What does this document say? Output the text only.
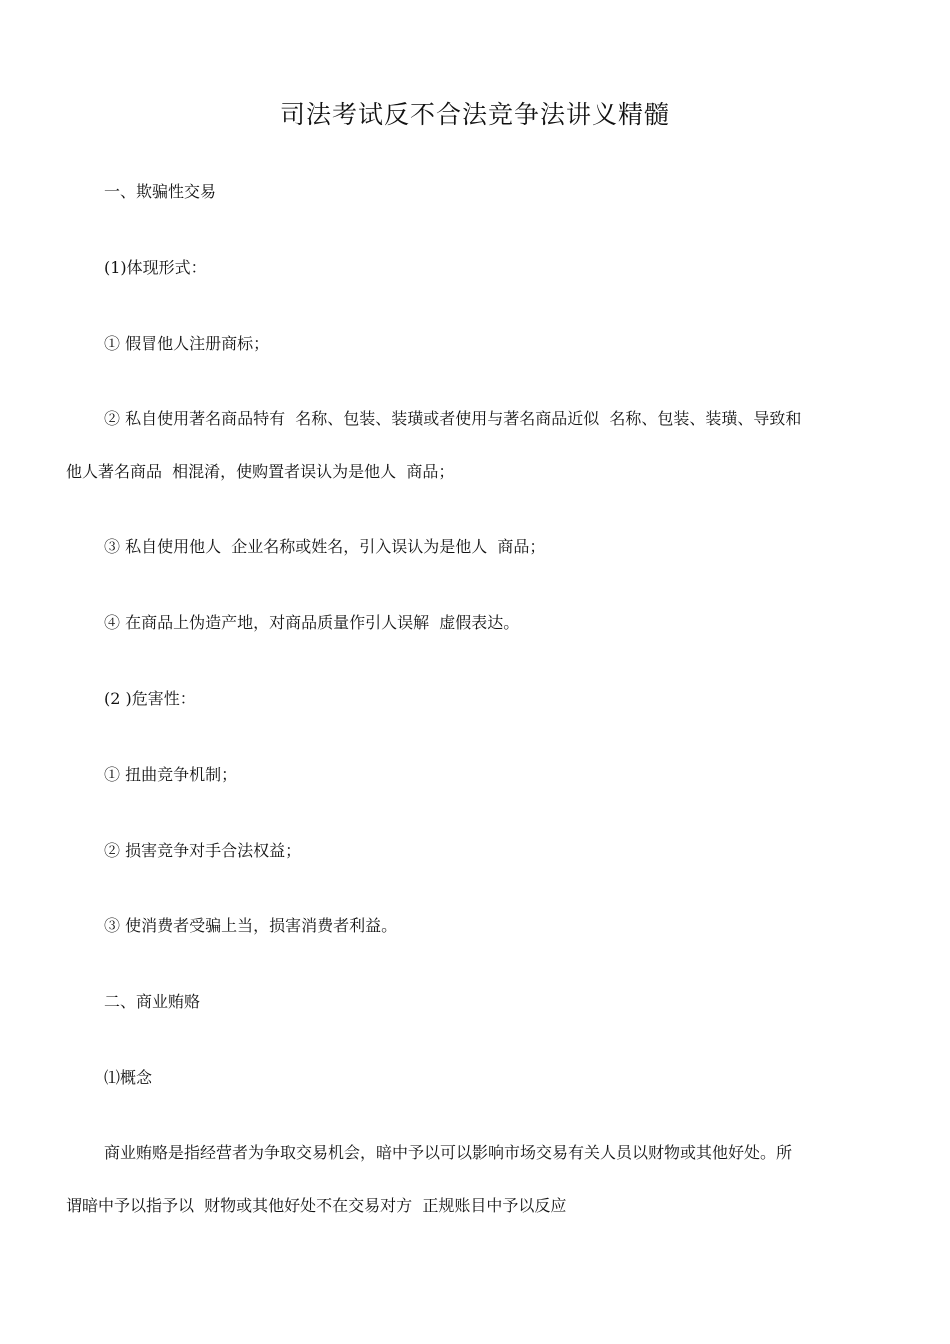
司法考试反不合法竞争法讲义精髓
一、欺骗性交易
(1)体现形式：
① 假冒他人注册商标；
② 私自使用著名商品特有  名称、包装、装璜或者使用与著名商品近似  名称、包装、装璜、导致和
他人著名商品  相混淆，使购置者误认为是他人  商品；
③ 私自使用他人  企业名称或姓名，引入误认为是他人  商品；
④ 在商品上伪造产地，对商品质量作引人误解  虚假表达。
(2 )危害性：
① 扭曲竞争机制；
② 损害竞争对手合法权益；
③ 使消费者受骗上当，损害消费者利益。
二、商业贿赂
⑴概念
商业贿赂是指经营者为争取交易机会，暗中予以可以影响市场交易有关人员以财物或其他好处。所
谓暗中予以指予以  财物或其他好处不在交易对方  正规账目中予以反应
